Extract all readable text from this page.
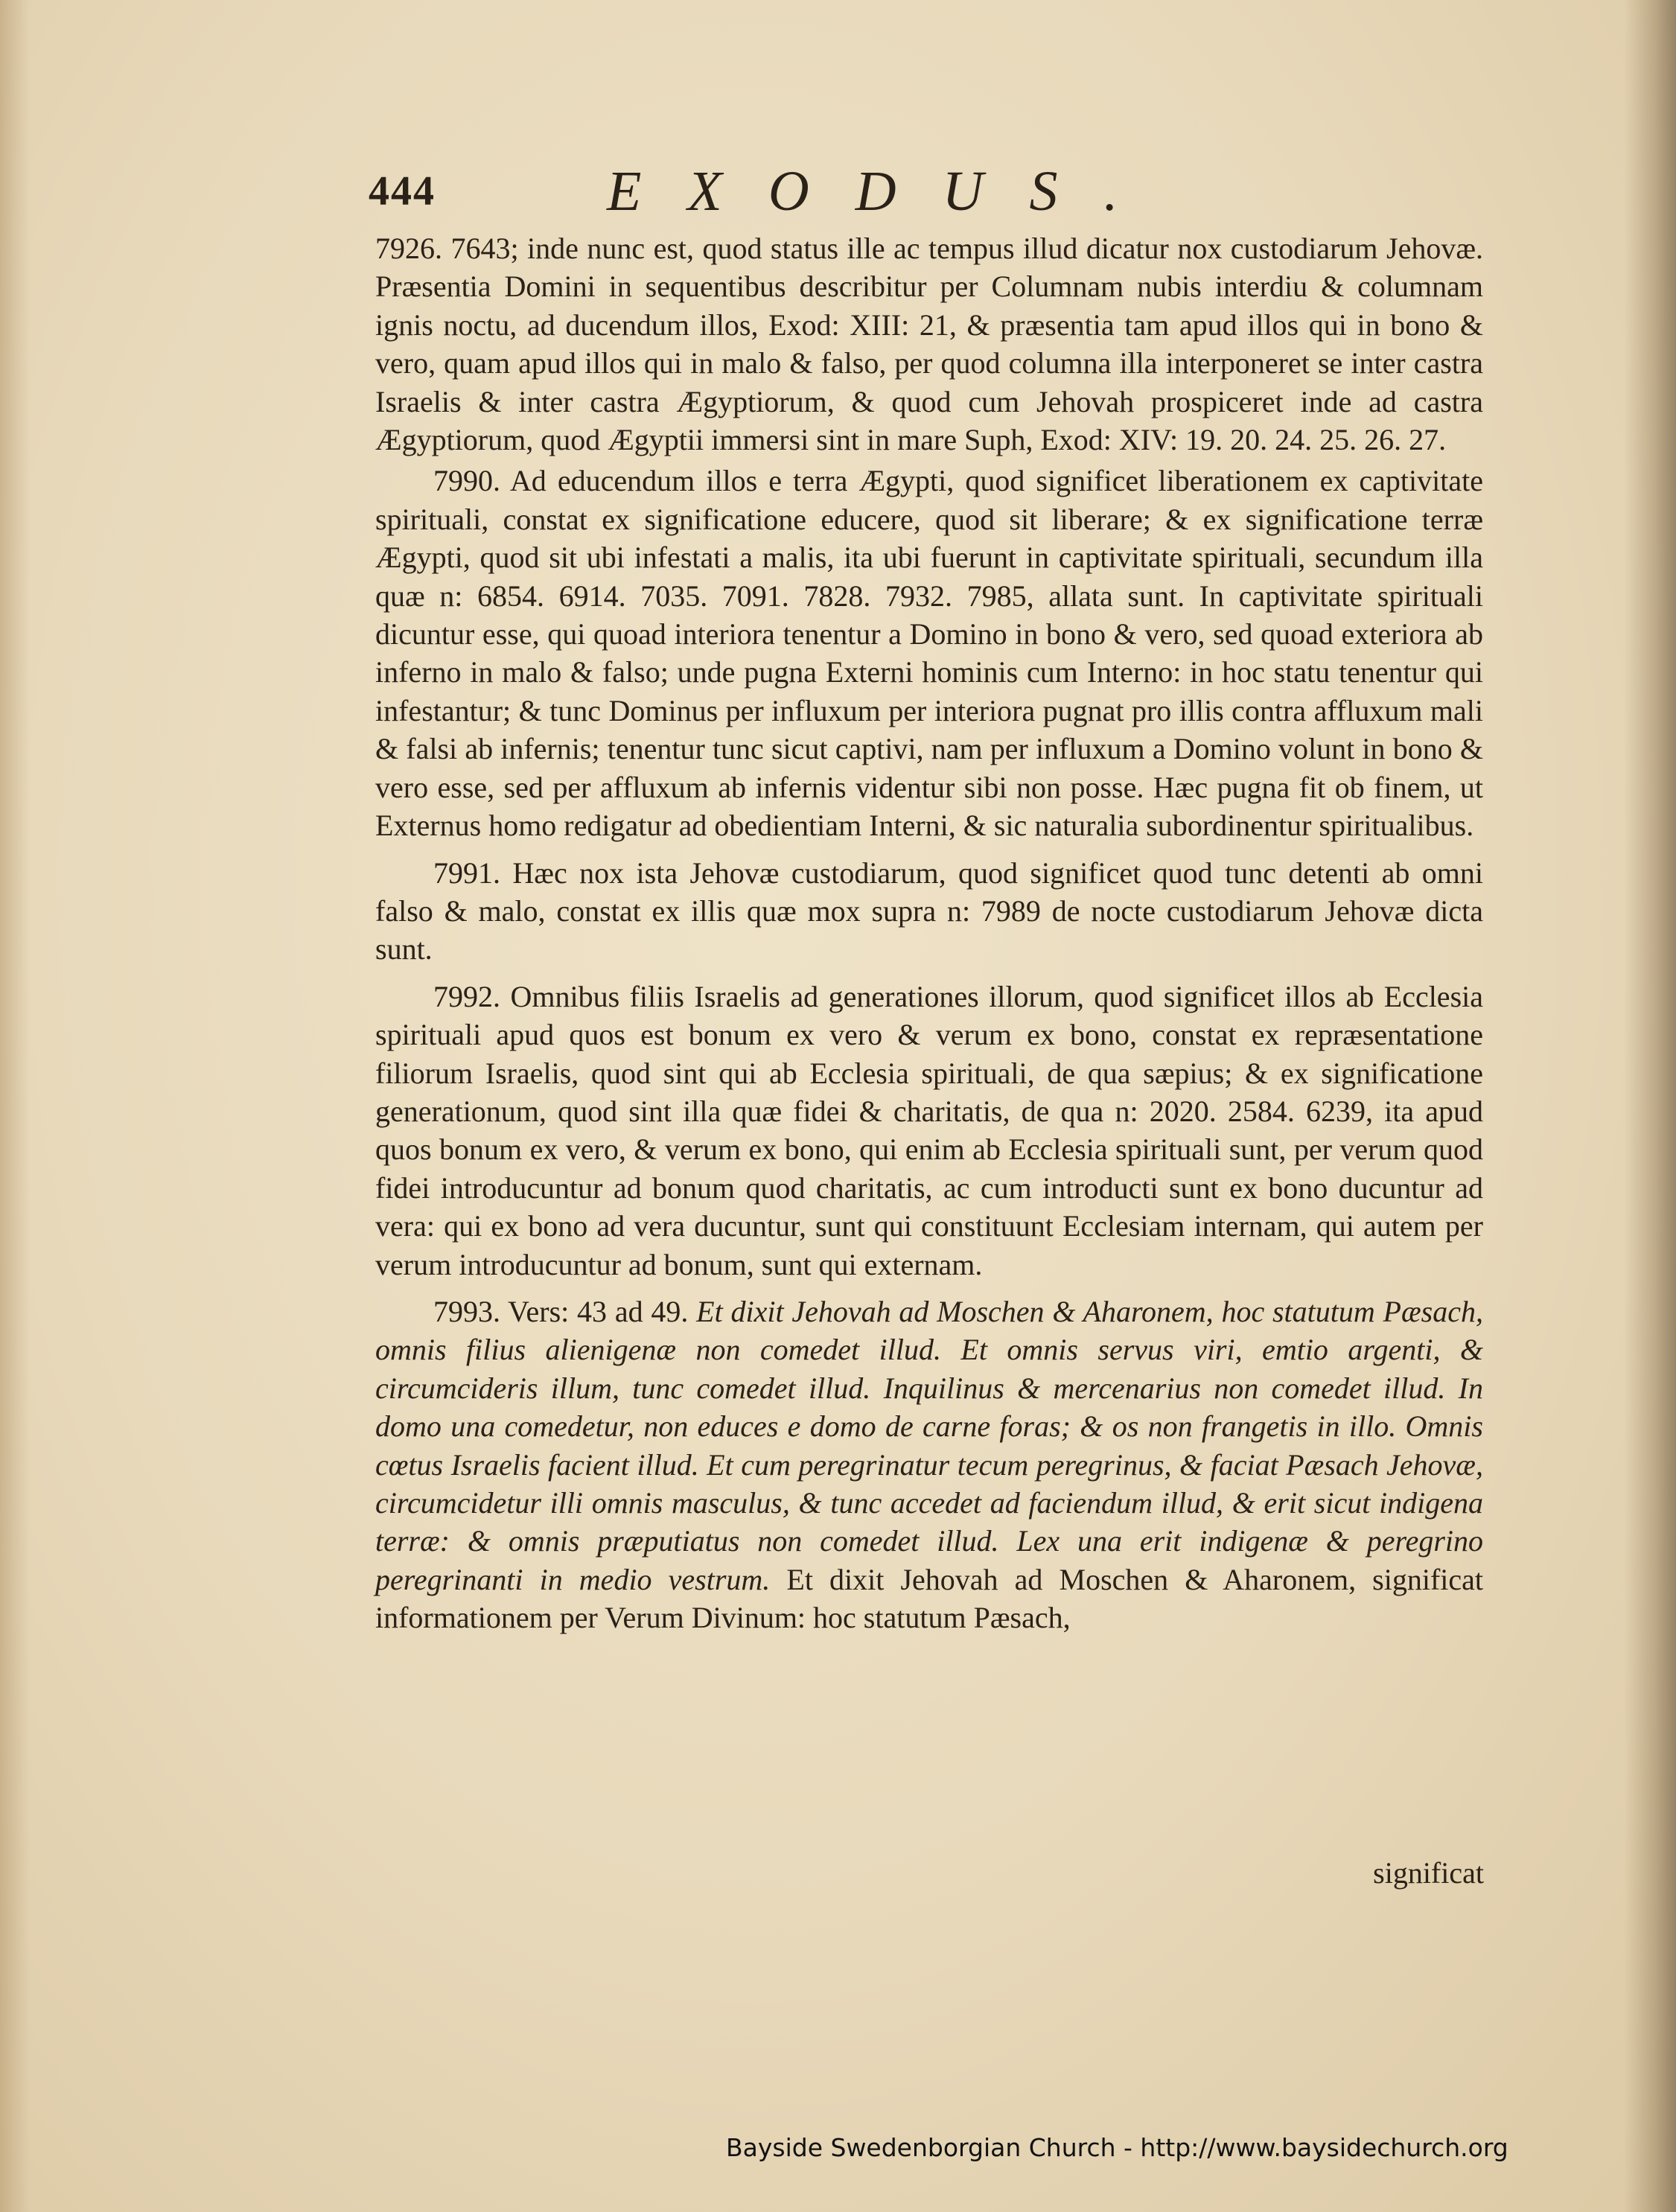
444	EXODUS.

7926. 7643; inde nunc est, quod status ille ac tempus illud dicatur nox custodiarum Jehovæ. Præsentia Domini in sequentibus describitur per Columnam nubis interdiu & columnam ignis noctu, ad ducendum illos, Exod: XIII: 21, & præsentia tam apud illos qui in bono & vero, quam apud illos qui in malo & falso, per quod columna illa interponeret se inter castra Israelis & inter castra Ægyptiorum, & quod cum Jehovah prospiceret inde ad castra Ægyptiorum, quod Ægyptii immersi sint in mare Suph, Exod: XIV: 19. 20. 24. 25. 26. 27.

7990. Ad educendum illos e terra Ægypti, quod significet liberationem ex captivitate spirituali, constat ex significatione educere, quod sit liberare; & ex significatione terræ Ægypti, quod sit ubi infestati a malis, ita ubi fuerunt in captivitate spirituali, secundum illa quæ n: 6854. 6914. 7035. 7091. 7828. 7932. 7985, allata sunt. In captivitate spirituali dicuntur esse, qui quoad interiora tenentur a Domino in bono & vero, sed quoad exteriora ab inferno in malo & falso; unde pugna Externi hominis cum Interno: in hoc statu tenentur qui infestantur; & tunc Dominus per influxum per interiora pugnat pro illis contra affluxum mali & falsi ab infernis; tenentur tunc sicut captivi, nam per influxum a Domino volunt in bono & vero esse, sed per affluxum ab infernis videntur sibi non posse. Hæc pugna fit ob finem, ut Externus homo redigatur ad obedientiam Interni, & sic naturalia subordinentur spiritualibus.

7991. Hæc nox ista Jehovæ custodiarum, quod significet quod tunc detenti ab omni falso & malo, constat ex illis quæ mox supra n: 7989 de nocte custodiarum Jehovæ dicta sunt.

7992. Omnibus filiis Israelis ad generationes illorum, quod significet illos ab Ecclesia spirituali apud quos est bonum ex vero & verum ex bono, constat ex repræsentatione filiorum Israelis, quod sint qui ab Ecclesia spirituali, de qua sæpius; & ex significatione generationum, quod sint illa quæ fidei & charitatis, de qua n: 2020. 2584. 6239, ita apud quos bonum ex vero, & verum ex bono, qui enim ab Ecclesia spirituali sunt, per verum quod fidei introducuntur ad bonum quod charitatis, ac cum introducti sunt ex bono ducuntur ad vera: qui ex bono ad vera ducuntur, sunt qui constituunt Ecclesiam internam, qui autem per verum introducuntur ad bonum, sunt qui externam.

7993. Vers: 43 ad 49. Et dixit Jehovah ad Moschen & Aharonem, hoc statutum Pæsach, omnis filius alienigenæ non comedet illud. Et omnis servus viri, emtio argenti, & circumcideris illum, tunc comedet illud. Inquilinus & mercenarius non comedet illud. In domo una comedetur, non educes e domo de carne foras; & os non frangetis in illo. Omnis cœtus Israelis facient illud. Et cum peregrinatur tecum peregrinus, & faciat Pæsach Jehovæ, circumcidetur illi omnis masculus, & tunc accedet ad faciendum illud, & erit sicut indigena terræ: & omnis præputiatus non comedet illud. Lex una erit indigenæ & peregrino peregrinanti in medio vestrum. Et dixit Jehovah ad Moschen & Aharonem, significat informationem per Verum Divinum: hoc statutum Pæsach,

significat
Bayside Swedenborgian Church - http://www.baysidechurch.org
